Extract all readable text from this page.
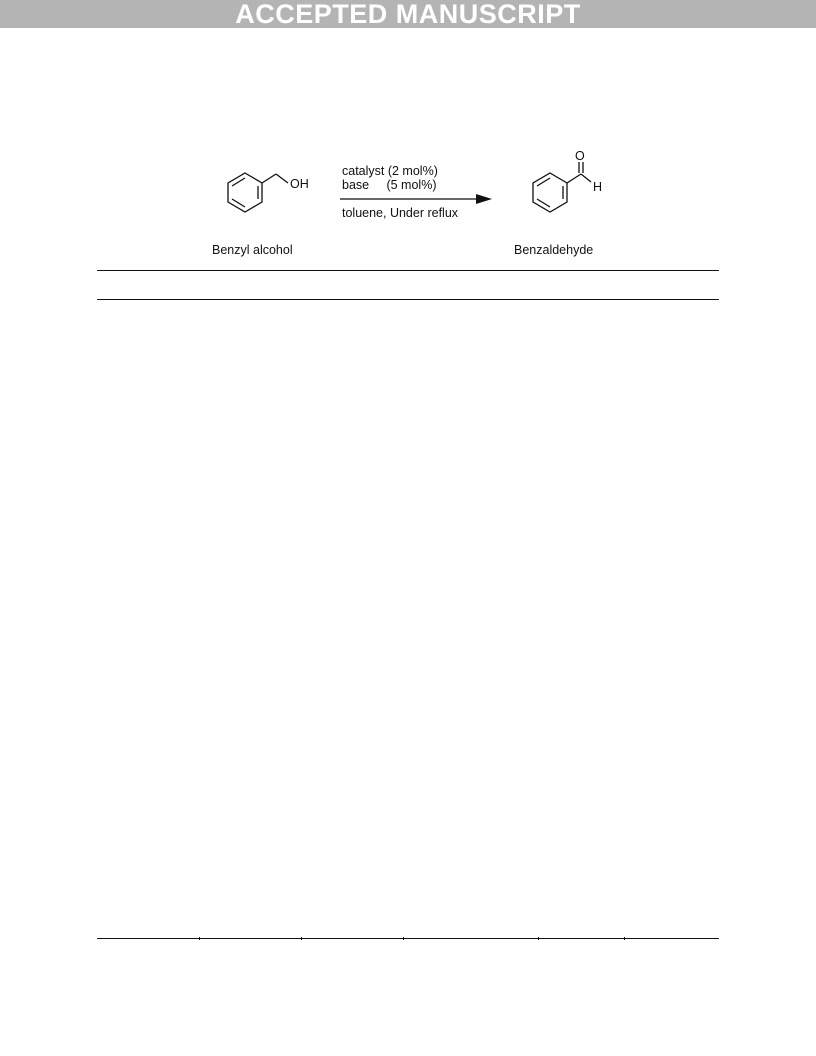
ACCEPTED MANUSCRIPT
OH
O
H
catalyst (2 mol%)
base     (5 mol%)
toluene, Under reflux
Benzyl alcohol	Benzaldehyde
